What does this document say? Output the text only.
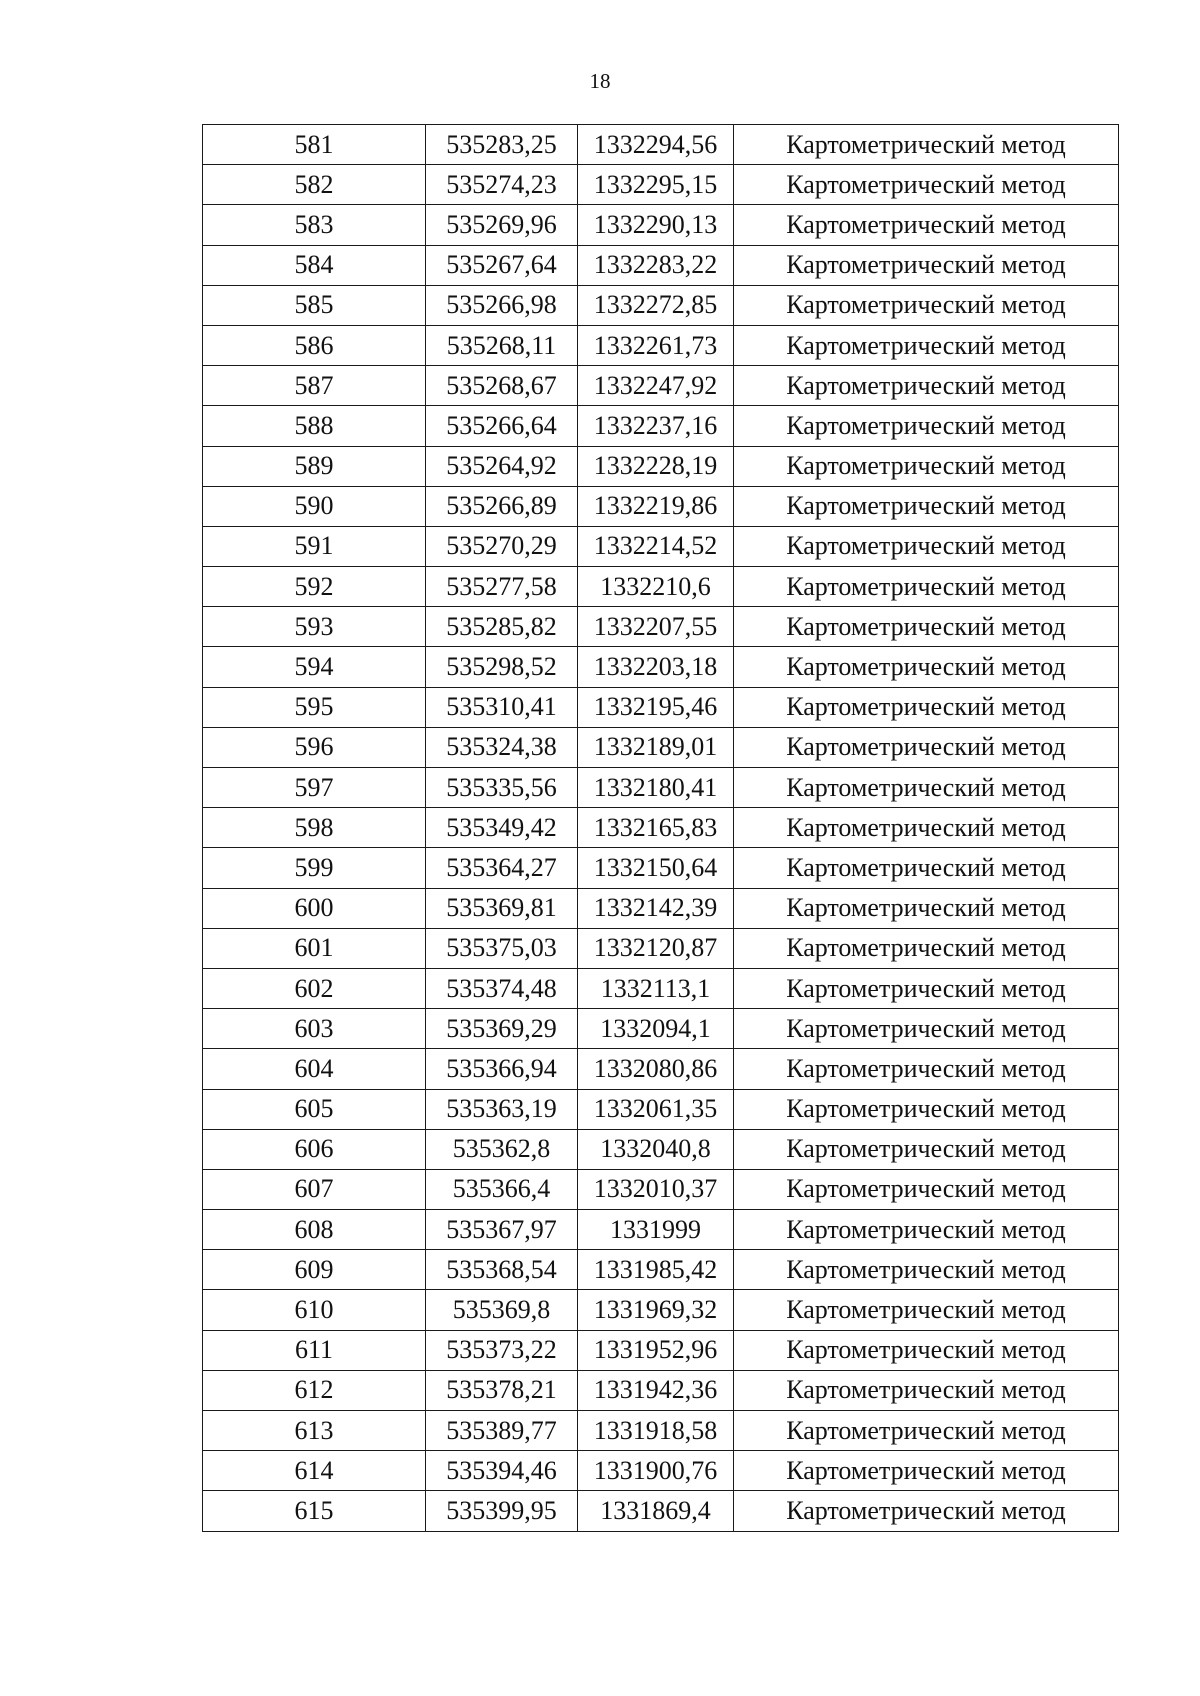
18
581	535283,25	1332294,56	Картометрический метод
582	535274,23	1332295,15	Картометрический метод
583	535269,96	1332290,13	Картометрический метод
584	535267,64	1332283,22	Картометрический метод
585	535266,98	1332272,85	Картометрический метод
586	535268,11	1332261,73	Картометрический метод
587	535268,67	1332247,92	Картометрический метод
588	535266,64	1332237,16	Картометрический метод
589	535264,92	1332228,19	Картометрический метод
590	535266,89	1332219,86	Картометрический метод
591	535270,29	1332214,52	Картометрический метод
592	535277,58	1332210,6	Картометрический метод
593	535285,82	1332207,55	Картометрический метод
594	535298,52	1332203,18	Картометрический метод
595	535310,41	1332195,46	Картометрический метод
596	535324,38	1332189,01	Картометрический метод
597	535335,56	1332180,41	Картометрический метод
598	535349,42	1332165,83	Картометрический метод
599	535364,27	1332150,64	Картометрический метод
600	535369,81	1332142,39	Картометрический метод
601	535375,03	1332120,87	Картометрический метод
602	535374,48	1332113,1	Картометрический метод
603	535369,29	1332094,1	Картометрический метод
604	535366,94	1332080,86	Картометрический метод
605	535363,19	1332061,35	Картометрический метод
606	535362,8	1332040,8	Картометрический метод
607	535366,4	1332010,37	Картометрический метод
608	535367,97	1331999	Картометрический метод
609	535368,54	1331985,42	Картометрический метод
610	535369,8	1331969,32	Картометрический метод
611	535373,22	1331952,96	Картометрический метод
612	535378,21	1331942,36	Картометрический метод
613	535389,77	1331918,58	Картометрический метод
614	535394,46	1331900,76	Картометрический метод
615	535399,95	1331869,4	Картометрический метод
